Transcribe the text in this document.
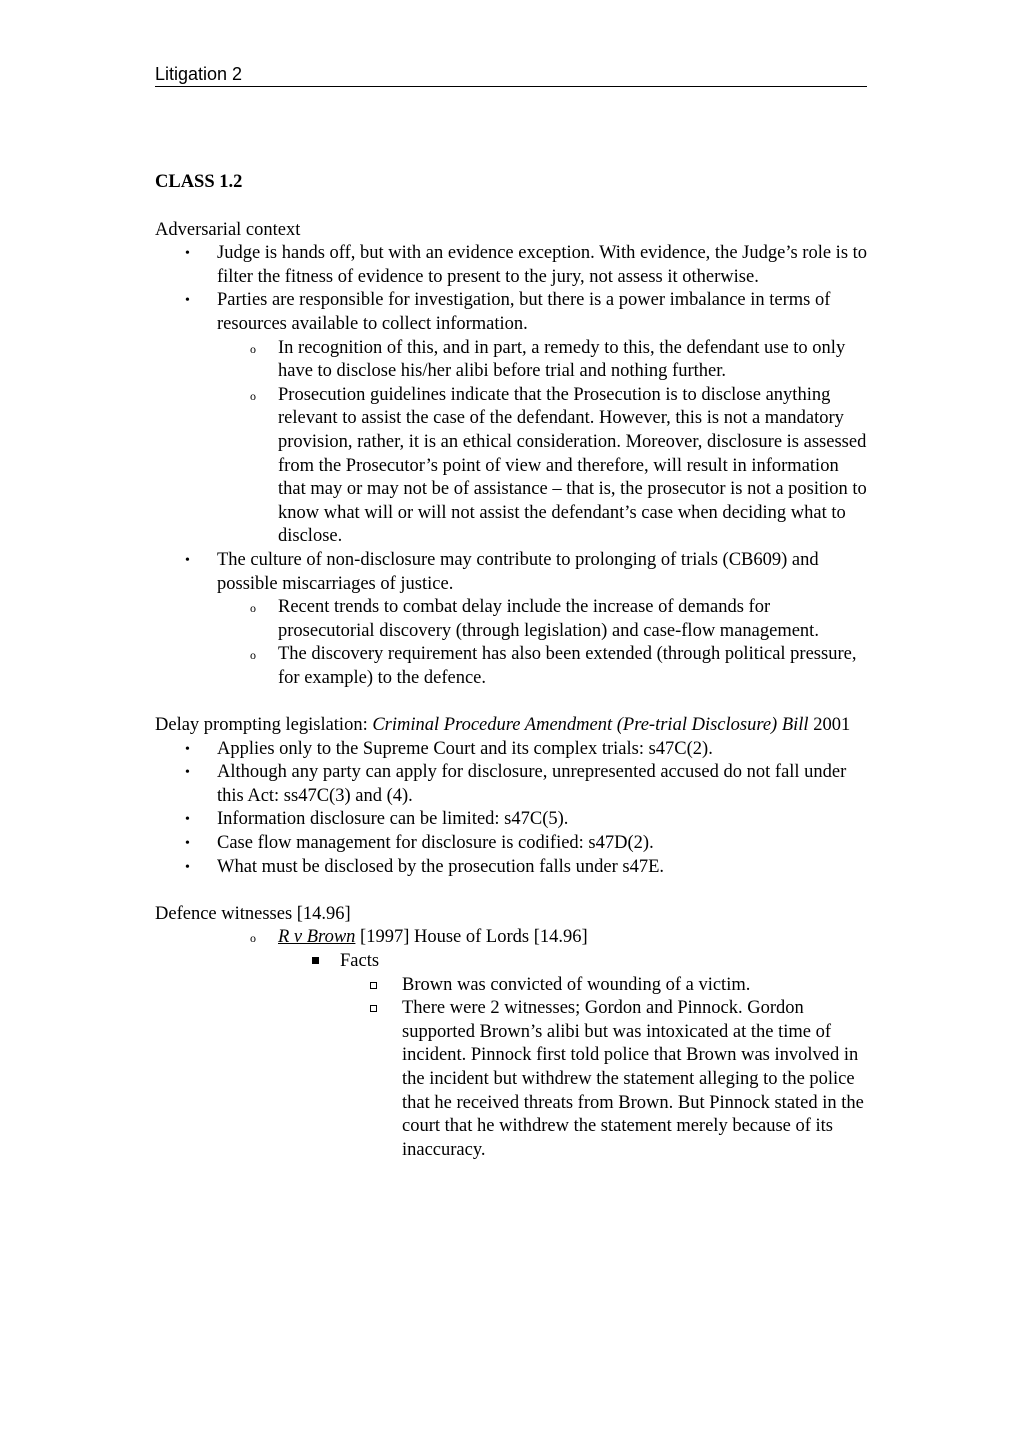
Litigation 2

CLASS 1.2

Adversarial context

• Judge is hands off, but with an evidence exception. With evidence, the Judge’s role is to filter the fitness of evidence to present to the jury, not assess it otherwise.
• Parties are responsible for investigation, but there is a power imbalance in terms of resources available to collect information.
o In recognition of this, and in part, a remedy to this, the defendant use to only have to disclose his/her alibi before trial and nothing further.
o Prosecution guidelines indicate that the Prosecution is to disclose anything relevant to assist the case of the defendant. However, this is not a mandatory provision, rather, it is an ethical consideration. Moreover, disclosure is assessed from the Prosecutor’s point of view and therefore, will result in information that may or may not be of assistance – that is, the prosecutor is not a position to know what will or will not assist the defendant’s case when deciding what to disclose.
• The culture of non-disclosure may contribute to prolonging of trials (CB609) and possible miscarriages of justice.
o Recent trends to combat delay include the increase of demands for prosecutorial discovery (through legislation) and case-flow management.
o The discovery requirement has also been extended (through political pressure, for example) to the defence.

Delay prompting legislation: Criminal Procedure Amendment (Pre-trial Disclosure) Bill 2001

• Applies only to the Supreme Court and its complex trials: s47C(2).
• Although any party can apply for disclosure, unrepresented accused do not fall under this Act: ss47C(3) and (4).
• Information disclosure can be limited: s47C(5).
• Case flow management for disclosure is codified: s47D(2).
• What must be disclosed by the prosecution falls under s47E.

Defence witnesses [14.96]

o R v Brown [1997] House of Lords [14.96]
Facts
Brown was convicted of wounding of a victim.
There were 2 witnesses; Gordon and Pinnock. Gordon supported Brown’s alibi but was intoxicated at the time of incident. Pinnock first told police that Brown was involved in the incident but withdrew the statement alleging to the police that he received threats from Brown. But Pinnock stated in the court that he withdrew the statement merely because of its inaccuracy.
